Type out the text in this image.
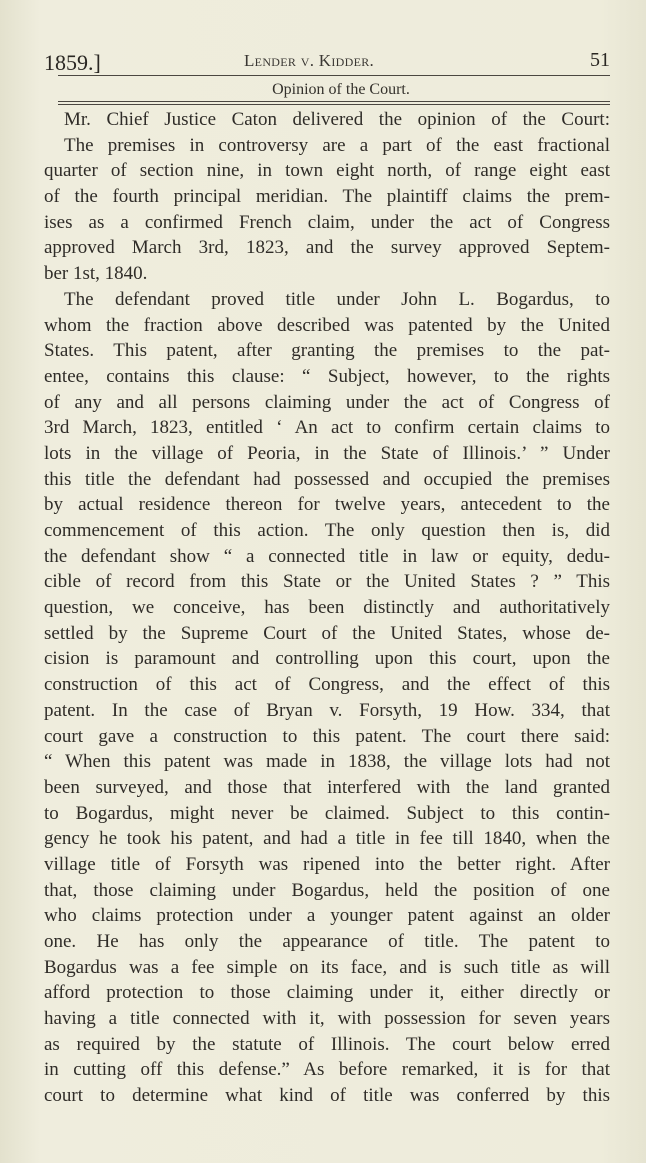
1859.]	Lender v. Kidder.	51
Opinion of the Court.
Mr. Chief Justice Caton delivered the opinion of the Court:
The premises in controversy are a part of the east fractional
quarter of section nine, in town eight north, of range eight east
of the fourth principal meridian. The plaintiff claims the prem-
ises as a confirmed French claim, under the act of Congress
approved March 3rd, 1823, and the survey approved Septem-
ber 1st, 1840.
The defendant proved title under John L. Bogardus, to
whom the fraction above described was patented by the United
States. This patent, after granting the premises to the pat-
entee, contains this clause: “ Subject, however, to the rights
of any and all persons claiming under the act of Congress of
3rd March, 1823, entitled ‘ An act to confirm certain claims to
lots in the village of Peoria, in the State of Illinois.’ ” Under
this title the defendant had possessed and occupied the premises
by actual residence thereon for twelve years, antecedent to the
commencement of this action. The only question then is, did
the defendant show “ a connected title in law or equity, dedu-
cible of record from this State or the United States ? ” This
question, we conceive, has been distinctly and authoritatively
settled by the Supreme Court of the United States, whose de-
cision is paramount and controlling upon this court, upon the
construction of this act of Congress, and the effect of this
patent. In the case of Bryan v. Forsyth, 19 How. 334, that
court gave a construction to this patent. The court there said:
“ When this patent was made in 1838, the village lots had not
been surveyed, and those that interfered with the land granted
to Bogardus, might never be claimed. Subject to this contin-
gency he took his patent, and had a title in fee till 1840, when the
village title of Forsyth was ripened into the better right. After
that, those claiming under Bogardus, held the position of one
who claims protection under a younger patent against an older
one. He has only the appearance of title. The patent to
Bogardus was a fee simple on its face, and is such title as will
afford protection to those claiming under it, either directly or
having a title connected with it, with possession for seven years
as required by the statute of Illinois. The court below erred
in cutting off this defense.” As before remarked, it is for that
court to determine what kind of title was conferred by this
